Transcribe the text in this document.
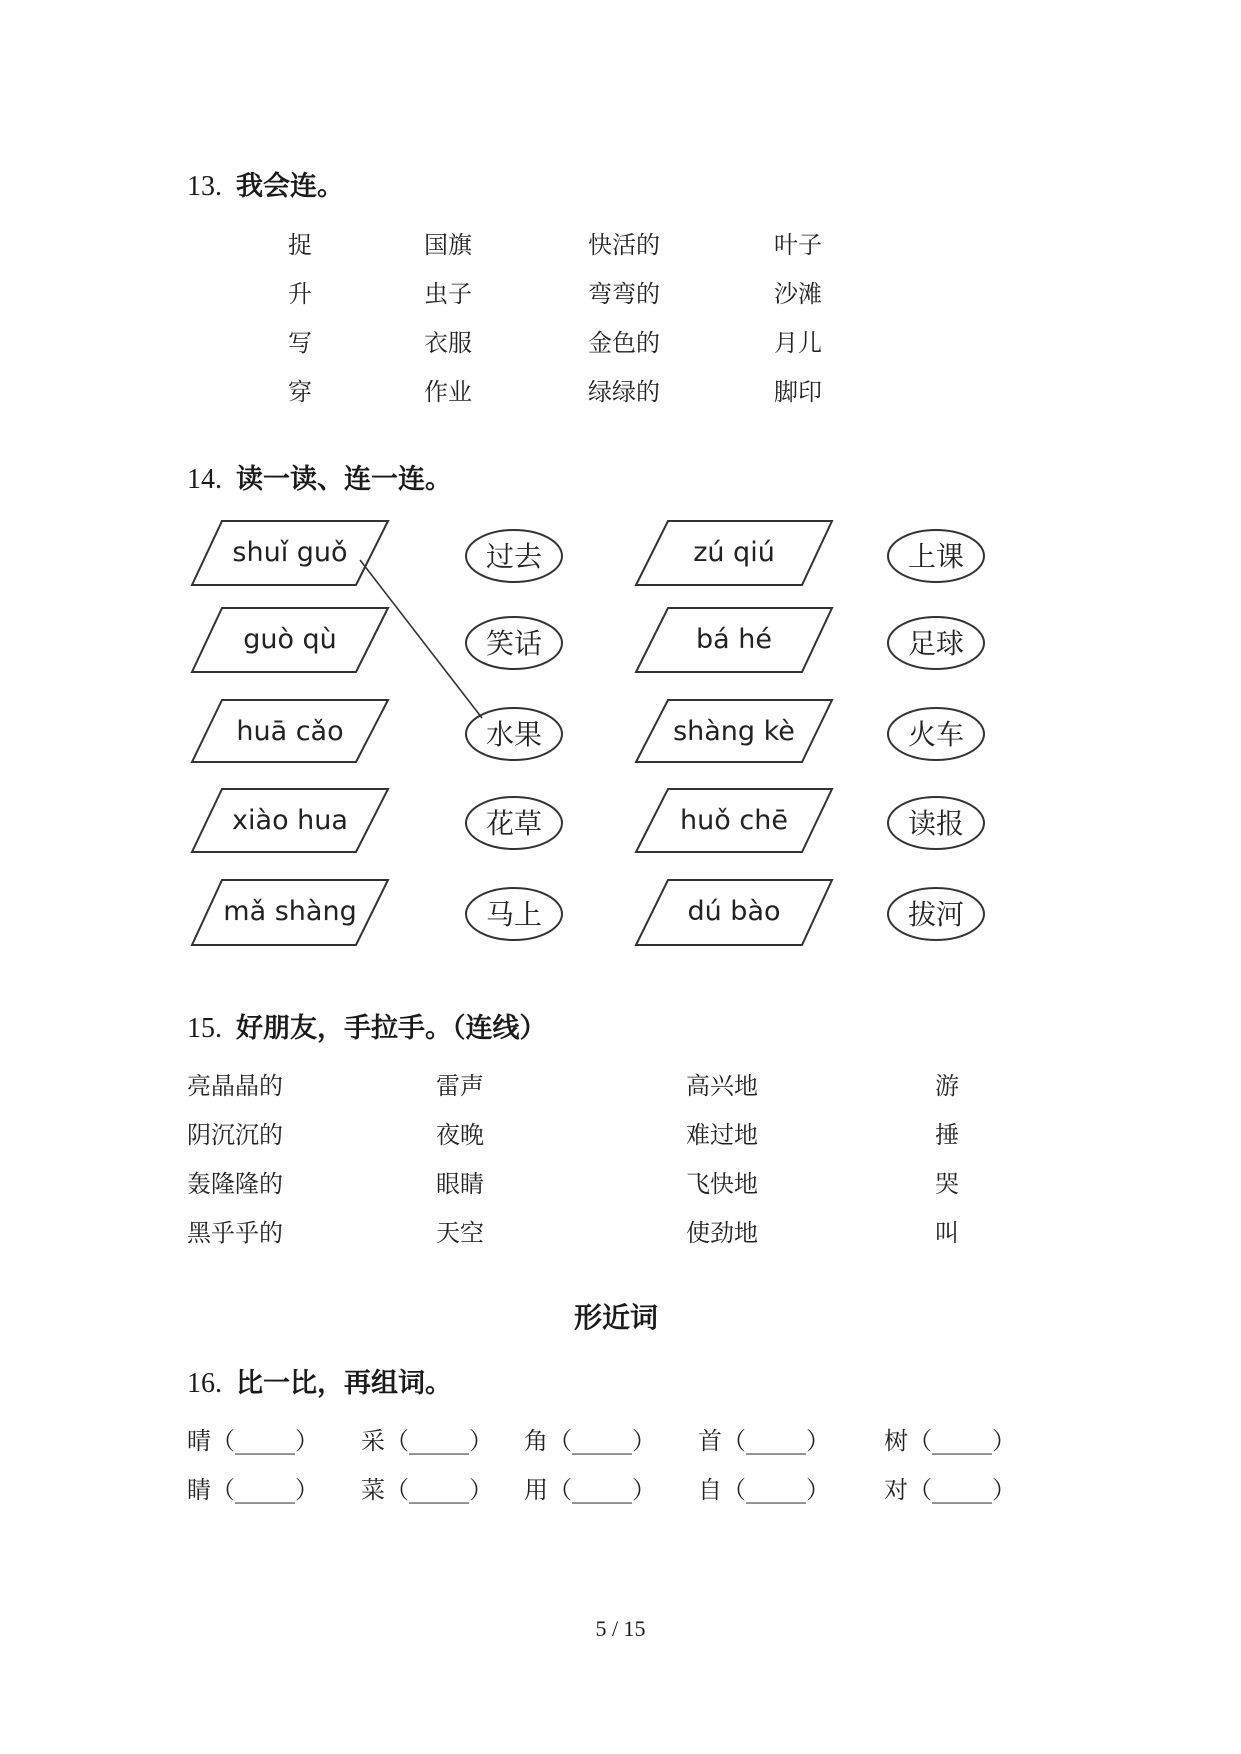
13. 我会连。
捉
升
写
穿
国旗
虫子
衣服
作业
快活的
弯弯的
金色的
绿绿的
叶子
沙滩
月儿
脚印
14. 读一读、连一连。
shuǐ guǒ
guò qù
huā cǎo
xiào hua
mǎ shàng
zú qiú
bá hé
shàng kè
huǒ chē
dú bào
过去
笑话
水果
花草
马上
上课
足球
火车
读报
拔河
15. 好朋友，手拉手。（连线）
亮晶晶的
阴沉沉的
轰隆隆的
黑乎乎的
雷声
夜晚
眼睛
天空
高兴地
难过地
飞快地
使劲地
游
捶
哭
叫
形近词
16. 比一比，再组词。
晴（_____） 采（_____） 角（_____） 首（_____） 树（_____）
睛（_____） 菜（_____） 用（_____） 自（_____） 对（_____）
5 / 15
